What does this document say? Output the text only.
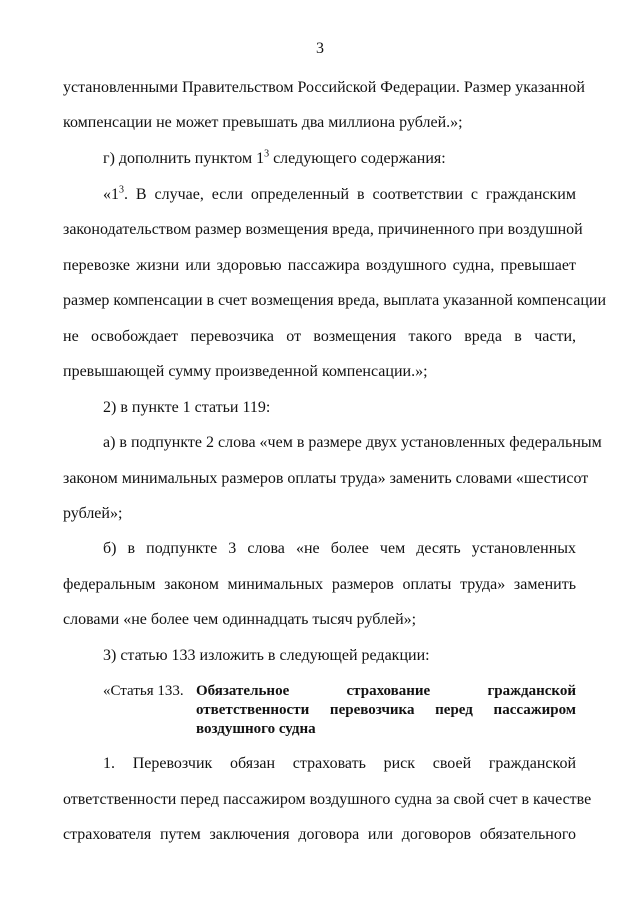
3
установленными Правительством Российской Федерации. Размер указанной
компенсации не может превышать два миллиона рублей.»;
г) дополнить пунктом $1^3$ следующего содержания:
«$1^3$. В случае, если определенный в соответствии с гражданским
законодательством размер возмещения вреда, причиненного при воздушной
перевозке жизни или здоровью пассажира воздушного судна, превышает
размер компенсации в счет возмещения вреда, выплата указанной компенсации
не освобождает перевозчика от возмещения такого вреда в части,
превышающей сумму произведенной компенсации.»;
2) в пункте 1 статьи 119:
а) в подпункте 2 слова «чем в размере двух установленных федеральным
законом минимальных размеров оплаты труда» заменить словами «шестисот
рублей»;
б) в подпункте 3 слова «не более чем десять установленных
федеральным законом минимальных размеров оплаты труда» заменить
словами «не более чем одиннадцать тысяч рублей»;
3) статью 133 изложить в следующей редакции:
«Статья 133. Обязательное страхование гражданской
ответственности перевозчика перед пассажиром
воздушного судна
1. Перевозчик обязан страховать риск своей гражданской
ответственности перед пассажиром воздушного судна за свой счет в качестве
страхователя путем заключения договора или договоров обязательного
